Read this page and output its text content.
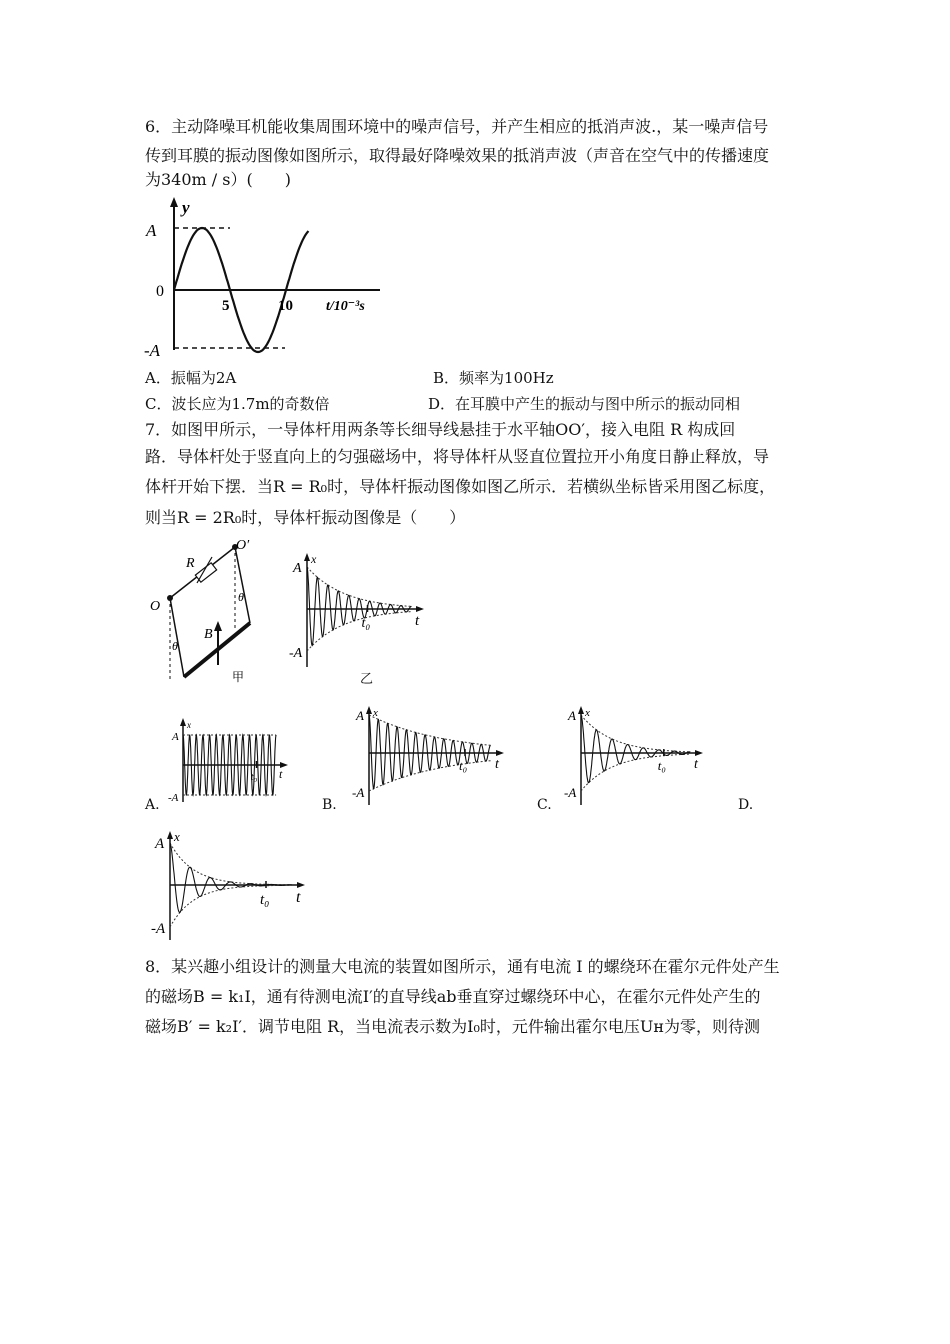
6．主动降噪耳机能收集周围环境中的噪声信号，并产生相应的抵消声波.，某一噪声信号
传到耳膜的振动图像如图所示，取得最好降噪效果的抵消声波（声音在空气中的传播速度
为340m / s）(　　)
y
A
0
5	10 t/10⁻³s
-A
A．振幅为2A	B．频率为100Hz
C．波长应为1.7m的奇数倍	D．在耳膜中产生的振动与图中所示的振动同相
7．如图甲所示，一导体杆用两条等长细导线悬挂于水平轴OO′，接入电阻 R 构成回
路．导体杆处于竖直向上的匀强磁场中，将导体杆从竖直位置拉开小角度日静止释放，导
体杆开始下摆．当R = R₀时，导体杆振动图像如图乙所示．若横纵坐标皆采用图乙标度，
则当R = 2R₀时，导体杆振动图像是（　　）
O
O′
R
B
θ
θ
甲
x
A
-A
t₀	t
乙
x
A
-A
t₀ t
A.
x
A
-A
t₀ t
B.
x
A
-A
t₀ t
C.	D.
x
A
-A
t₀ t
8．某兴趣小组设计的测量大电流的装置如图所示，通有电流 I 的螺绕环在霍尔元件处产生
的磁场B = k₁I，通有待测电流I′的直导线ab垂直穿过螺绕环中心，在霍尔元件处产生的
磁场B′ = k₂I′．调节电阻 R，当电流表示数为I₀时，元件输出霍尔电压Uн为零，则待测
